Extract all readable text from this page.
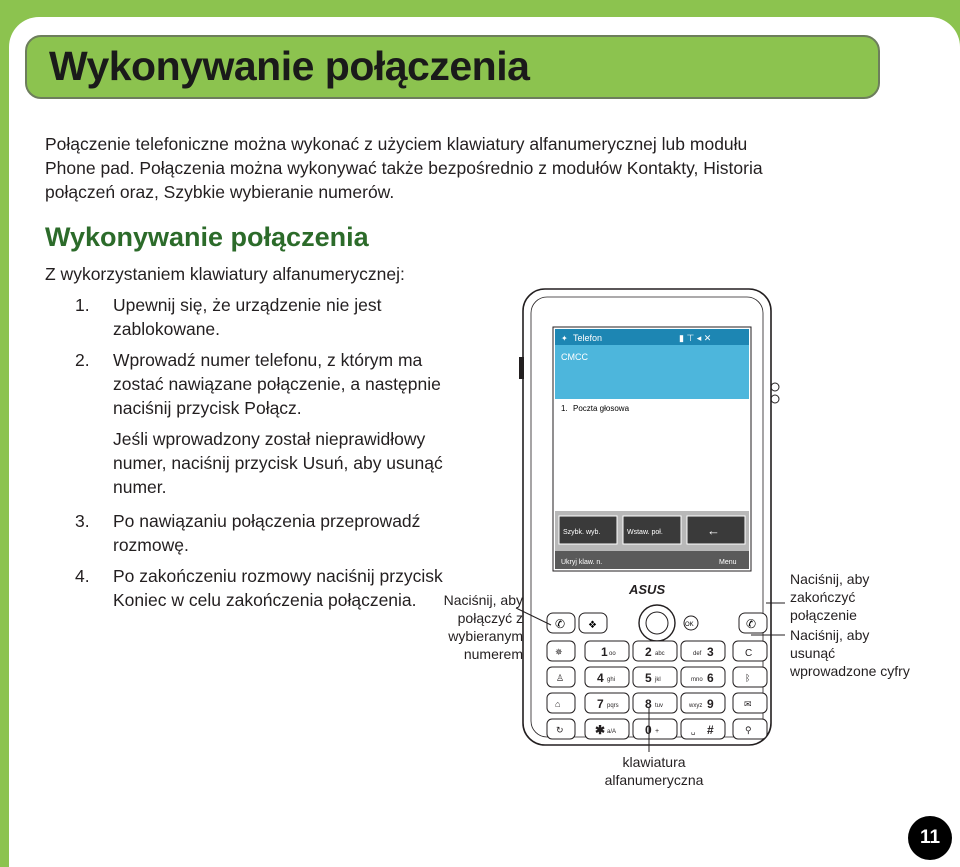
Wykonywanie połączenia

Połączenie telefoniczne można wykonać z użyciem klawiatury alfanumerycznej lub modułu

Phone pad. Połączenia można wykonywać także bezpośrednio z modułów Kontakty, Historia

połączeń oraz, Szybkie wybieranie numerów.

Wykonywanie połączenia
Z wykorzystaniem klawiatury alfanumerycznej:
1. Upewnij się, że urządzenie nie jest zablokowane.
2. Wprowadź numer telefonu, z którym ma zostać nawiązane połączenie, a następnie naciśnij przycisk Połącz.
Jeśli wprowadzony został nieprawidłowy numer, naciśnij przycisk Usuń, aby usunąć numer.
3. Po nawiązaniu połączenia przeprowadź rozmowę.
4. Po zakończeniu rozmowy naciśnij przycisk Koniec w celu zakończenia połączenia.	Naciśnij, aby połączyć z wybieranym numerem
Naciśnij, aby zakończyć połączenie
Naciśnij, aby usunąć wprowadzone cyfry
klawiatura alfanumeryczna
✦ Telefon	▮ ⊤ ◂ ✕
CMCC
1. Poczta głosowa
Szybk. wyb.	Wstaw. poł.	←
Ukryj klaw. n.	Menu
ASUS
✆ ❖	OK	✆
✵	1 oo 2 abc	def 3	C
♙	4 ghi 5 jkl	mno 6	ᛒ
⌂	7 pqrs 8 tuv	wxyz 9	✉
↻	✱ a/A 0 +	␣ #	⚲
11
